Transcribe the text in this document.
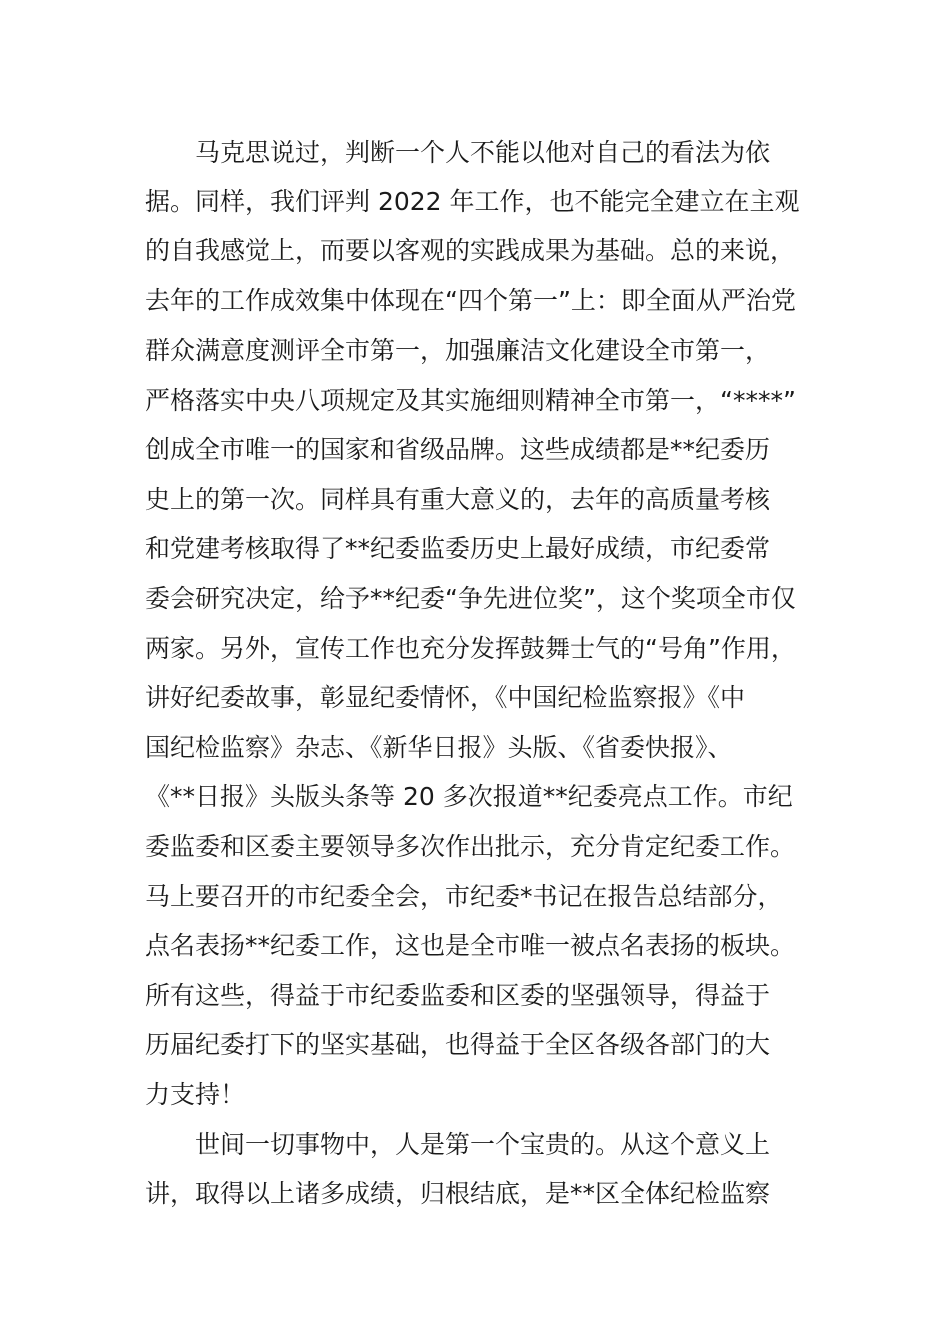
马克思说过，判断一个人不能以他对自己的看法为依
据。同样，我们评判 2022 年工作，也不能完全建立在主观
的自我感觉上，而要以客观的实践成果为基础。总的来说，
去年的工作成效集中体现在“四个第一”上：即全面从严治党
群众满意度测评全市第一，加强廉洁文化建设全市第一，
严格落实中央八项规定及其实施细则精神全市第一，“****”
创成全市唯一的国家和省级品牌。这些成绩都是**纪委历
史上的第一次。同样具有重大意义的，去年的高质量考核
和党建考核取得了**纪委监委历史上最好成绩，市纪委常
委会研究决定，给予**纪委“争先进位奖”，这个奖项全市仅
两家。另外，宣传工作也充分发挥鼓舞士气的“号角”作用，
讲好纪委故事，彰显纪委情怀，《中国纪检监察报》《中
国纪检监察》杂志、《新华日报》头版、《省委快报》、
《**日报》头版头条等 20 多次报道**纪委亮点工作。市纪
委监委和区委主要领导多次作出批示，充分肯定纪委工作。
马上要召开的市纪委全会，市纪委*书记在报告总结部分，
点名表扬**纪委工作，这也是全市唯一被点名表扬的板块。
所有这些，得益于市纪委监委和区委的坚强领导，得益于
历届纪委打下的坚实基础，也得益于全区各级各部门的大
力支持！
世间一切事物中，人是第一个宝贵的。从这个意义上
讲，取得以上诸多成绩，归根结底，是**区全体纪检监察
